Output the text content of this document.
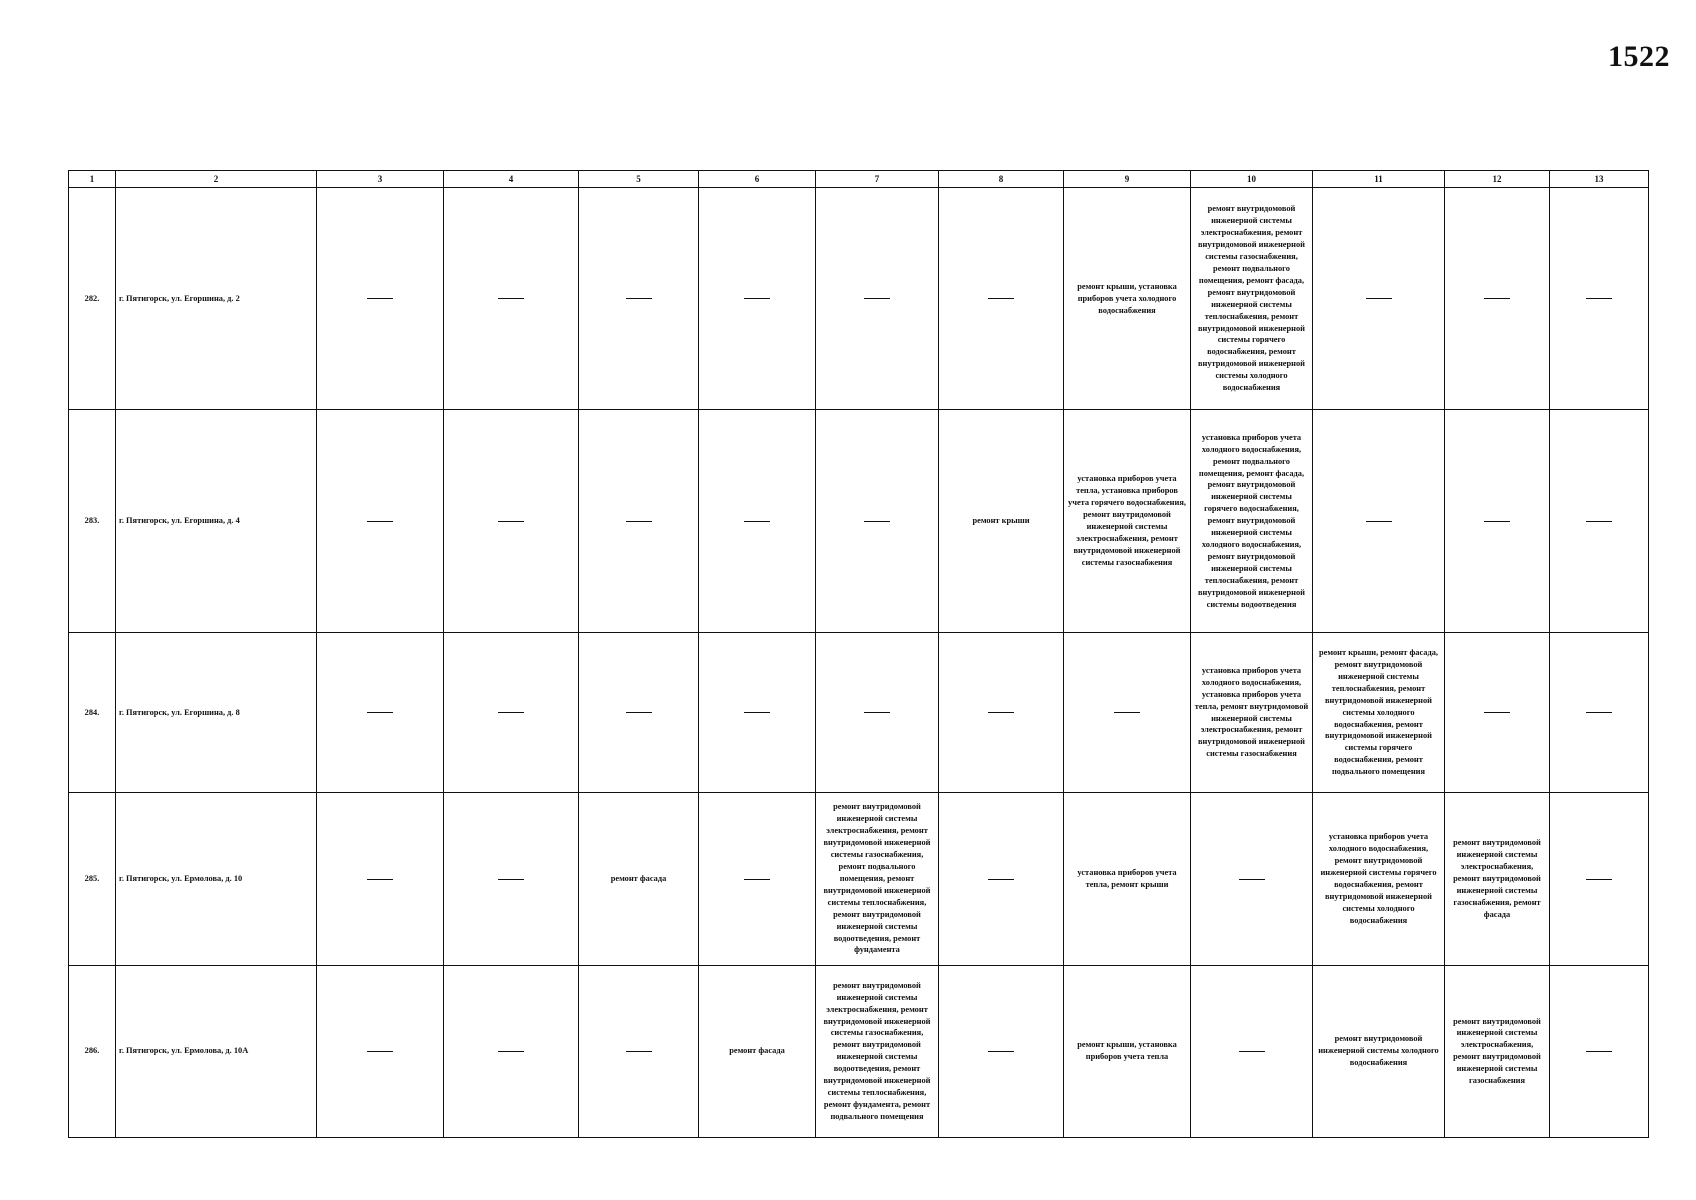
1522
1	2	3	4	5	6	7	8	9	10	11	12	13
282.	г. Пятигорск, ул. Егоршина, д. 2							ремонт крыши, установка приборов учета холодного водоснабжения	ремонт внутридомовой инженерной системы электроснабжения, ремонт внутридомовой инженерной системы газоснабжения, ремонт подвального помещения, ремонт фасада, ремонт внутридомовой инженерной системы теплоснабжения, ремонт внутридомовой инженерной системы горячего водоснабжения, ремонт внутридомовой инженерной системы холодного водоснабжения			
283.	г. Пятигорск, ул. Егоршина, д. 4						ремонт крыши	установка приборов учета тепла, установка приборов учета горячего водоснабжения, ремонт внутридомовой инженерной системы электроснабжения, ремонт внутридомовой инженерной системы газоснабжения	установка приборов учета холодного водоснабжения, ремонт подвального помещения, ремонт фасада, ремонт внутридомовой инженерной системы горячего водоснабжения, ремонт внутридомовой инженерной системы холодного водоснабжения, ремонт внутридомовой инженерной системы теплоснабжения, ремонт внутридомовой инженерной системы водоотведения			
284.	г. Пятигорск, ул. Егоршина, д. 8								установка приборов учета холодного водоснабжения, установка приборов учета тепла, ремонт внутридомовой инженерной системы электроснабжения, ремонт внутридомовой инженерной системы газоснабжения	ремонт крыши, ремонт фасада, ремонт внутридомовой инженерной системы теплоснабжения, ремонт внутридомовой инженерной системы холодного водоснабжения, ремонт внутридомовой инженерной системы горячего водоснабжения, ремонт подвального помещения		
285.	г. Пятигорск, ул. Ермолова, д. 10			ремонт фасада		ремонт внутридомовой инженерной системы электроснабжения, ремонт внутридомовой инженерной системы газоснабжения, ремонт подвального помещения, ремонт внутридомовой инженерной системы теплоснабжения, ремонт внутридомовой инженерной системы водоотведения, ремонт фундамента		установка приборов учета тепла, ремонт крыши		установка приборов учета холодного водоснабжения, ремонт внутридомовой инженерной системы горячего водоснабжения, ремонт внутридомовой инженерной системы холодного водоснабжения	ремонт внутридомовой инженерной системы электроснабжения, ремонт внутридомовой инженерной системы газоснабжения, ремонт фасада	
286.	г. Пятигорск, ул. Ермолова, д. 10А				ремонт фасада	ремонт внутридомовой инженерной системы электроснабжения, ремонт внутридомовой инженерной системы газоснабжения, ремонт внутридомовой инженерной системы водоотведения, ремонт внутридомовой инженерной системы теплоснабжения, ремонт фундамента, ремонт подвального помещения		ремонт крыши, установка приборов учета тепла		ремонт внутридомовой инженерной системы холодного водоснабжения	ремонт внутридомовой инженерной системы электроснабжения, ремонт внутридомовой инженерной системы газоснабжения	
